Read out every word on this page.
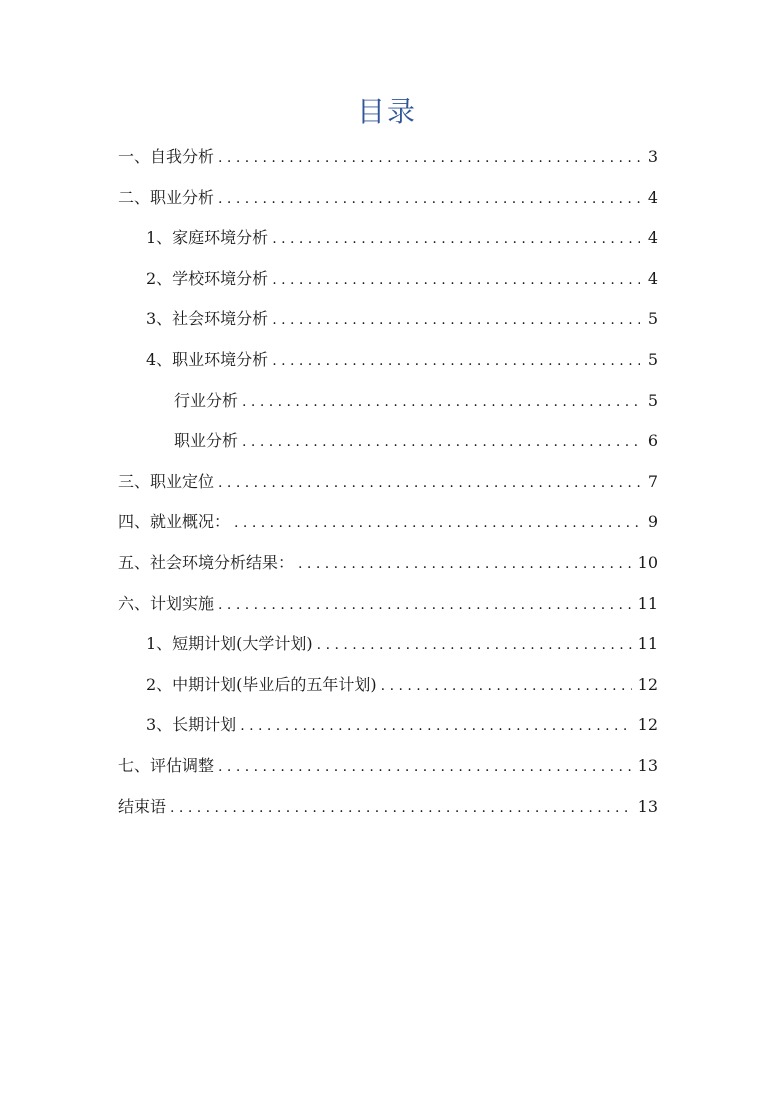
目录
一、自我分析 . . .	3
二、职业分析 . . .	4
1、家庭环境分析 . . .	4
2、学校环境分析 . . .	4
3、社会环境分析 . . .	5
4、职业环境分析 . . .	5
行业分析 . . .	5
职业分析 . . .	6
三、职业定位 . . .	7
四、就业概况： . . .	9
五、社会环境分析结果： . . .	10
六、计划实施 . . .	11
1、短期计划(大学计划) . . .	11
2、中期计划(毕业后的五年计划) . . .	12
3、长期计划 . . .	12
七、评估调整 . . .	13
结束语 . . .	13
